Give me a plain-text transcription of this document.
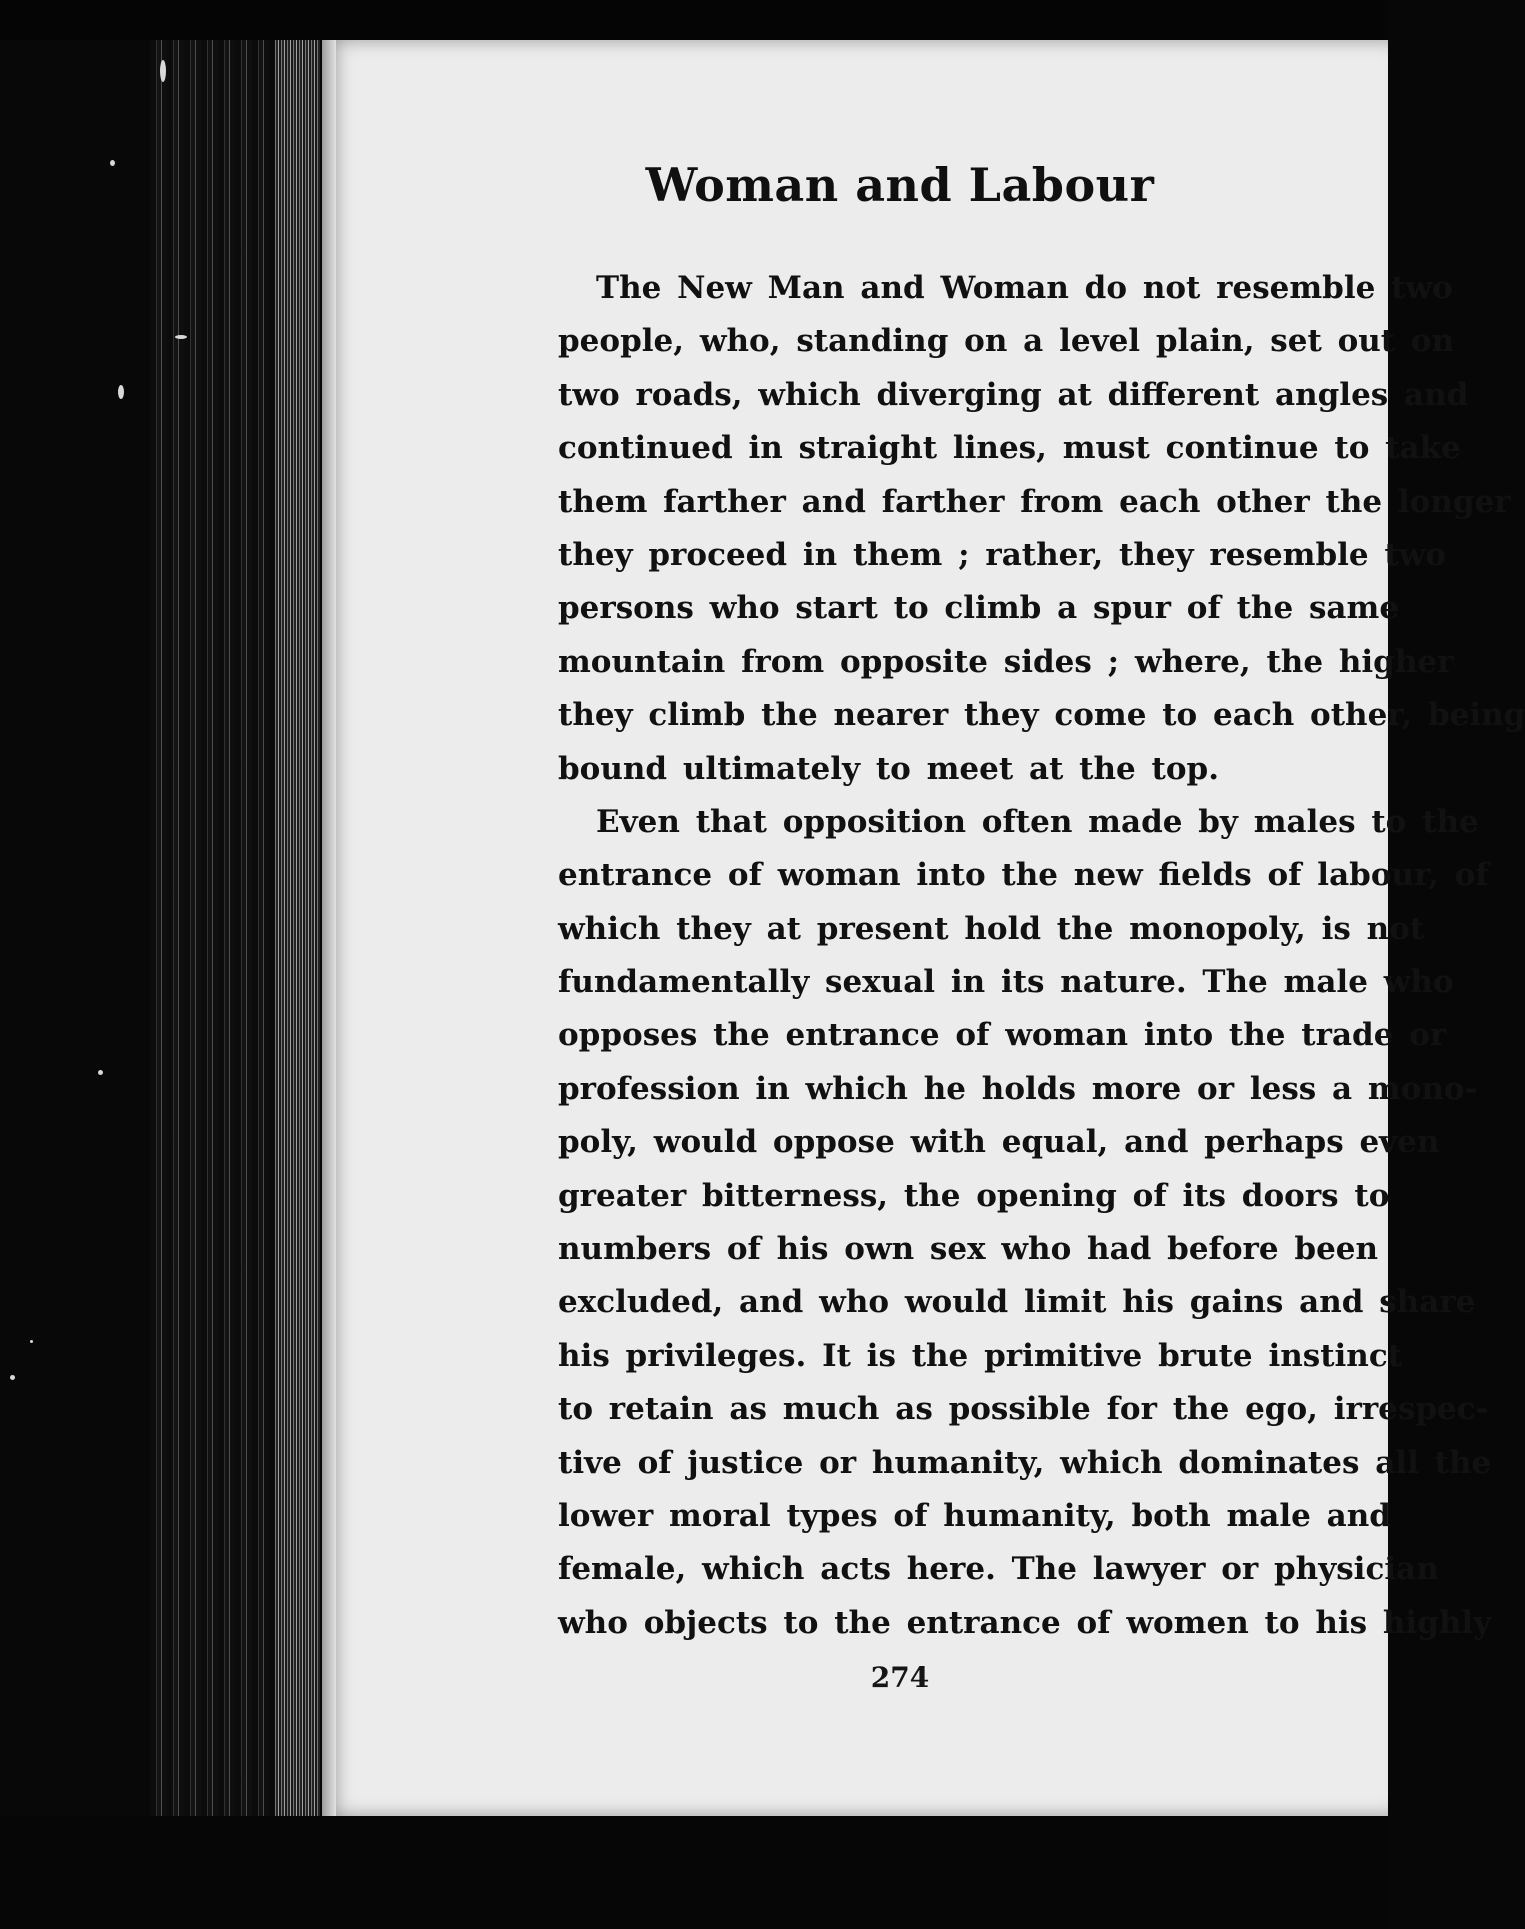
Woman and Labour
The New Man and Woman do not resemble two
people, who, standing on a level plain, set out on
two roads, which diverging at different angles and
continued in straight lines, must continue to take
them farther and farther from each other the longer
they proceed in them ; rather, they resemble two
persons who start to climb a spur of the same
mountain from opposite sides ; where, the higher
they climb the nearer they come to each other, being
bound ultimately to meet at the top.
Even that opposition often made by males to the
entrance of woman into the new fields of labour, of
which they at present hold the monopoly, is not
fundamentally sexual in its nature. The male who
opposes the entrance of woman into the trade or
profession in which he holds more or less a mono-
poly, would oppose with equal, and perhaps even
greater bitterness, the opening of its doors to
numbers of his own sex who had before been
excluded, and who would limit his gains and share
his privileges. It is the primitive brute instinct
to retain as much as possible for the ego, irrespec-
tive of justice or humanity, which dominates all the
lower moral types of humanity, both male and
female, which acts here. The lawyer or physician
who objects to the entrance of women to his highly
274
